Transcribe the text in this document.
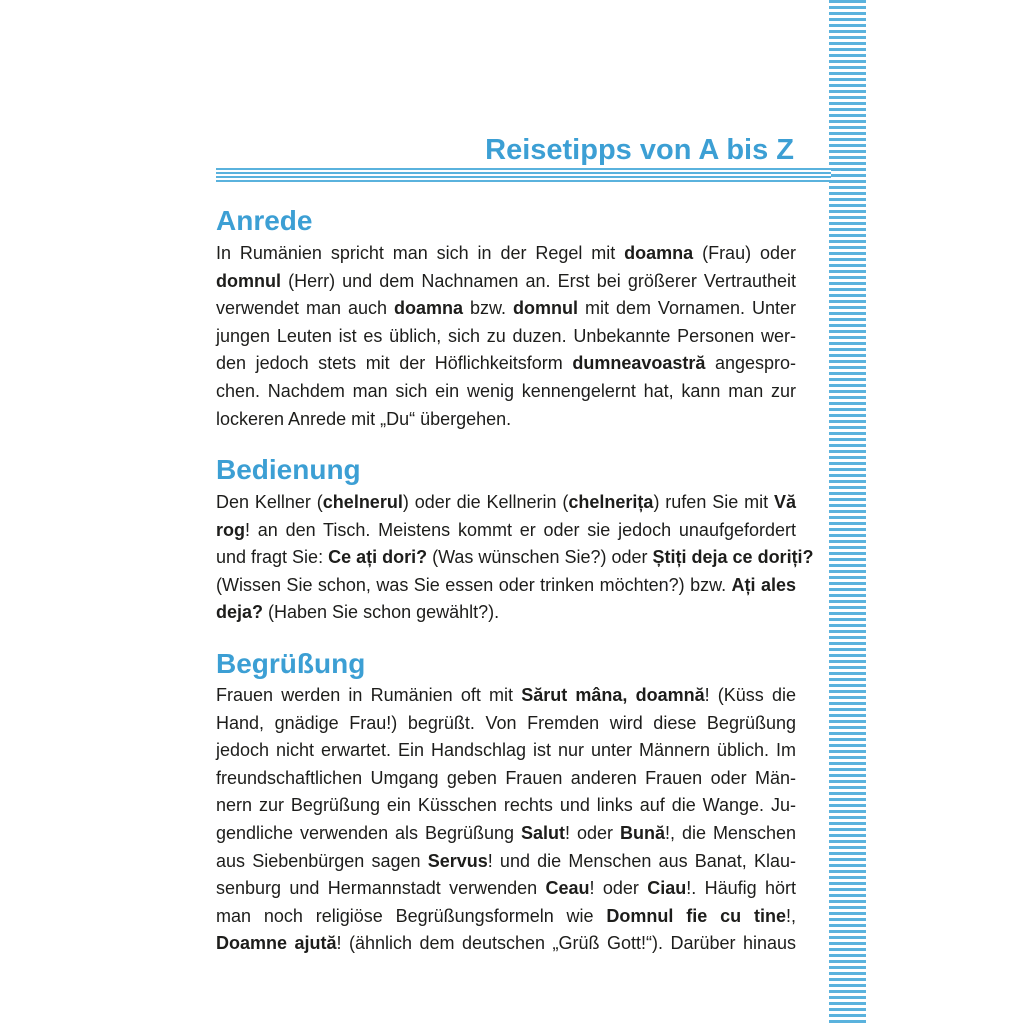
Reisetipps von A bis Z
Anrede
In Rumänien spricht man sich in der Regel mit doamna (Frau) oder
domnul (Herr) und dem Nachnamen an. Erst bei größerer Vertrautheit
verwendet man auch doamna bzw. domnul mit dem Vornamen. Unter
jungen Leuten ist es üblich, sich zu duzen. Unbekannte Personen wer-
den jedoch stets mit der Höflichkeitsform dumneavoastră angespro-
chen. Nachdem man sich ein wenig kennengelernt hat, kann man zur
lockeren Anrede mit „Du“ übergehen.
Bedienung
Den Kellner (chelnerul) oder die Kellnerin (chelnerița) rufen Sie mit Vă
rog! an den Tisch. Meistens kommt er oder sie jedoch unaufgefordert
und fragt Sie: Ce ați dori? (Was wünschen Sie?) oder Știți deja ce doriți?
(Wissen Sie schon, was Sie essen oder trinken möchten?) bzw. Ați ales
deja? (Haben Sie schon gewählt?).
Begrüßung
Frauen werden in Rumänien oft mit Sărut mâna, doamnă! (Küss die
Hand, gnädige Frau!) begrüßt. Von Fremden wird diese Begrüßung
jedoch nicht erwartet. Ein Handschlag ist nur unter Männern üblich. Im
freundschaftlichen Umgang geben Frauen anderen Frauen oder Män-
nern zur Begrüßung ein Küsschen rechts und links auf die Wange. Ju-
gendliche verwenden als Begrüßung Salut! oder Bună!, die Menschen
aus Siebenbürgen sagen Servus! und die Menschen aus Banat, Klau-
senburg und Hermannstadt verwenden Ceau! oder Ciau!. Häufig hört
man noch religiöse Begrüßungsformeln wie Domnul fie cu tine!,
Doamne ajută! (ähnlich dem deutschen „Grüß Gott!“). Darüber hinaus
